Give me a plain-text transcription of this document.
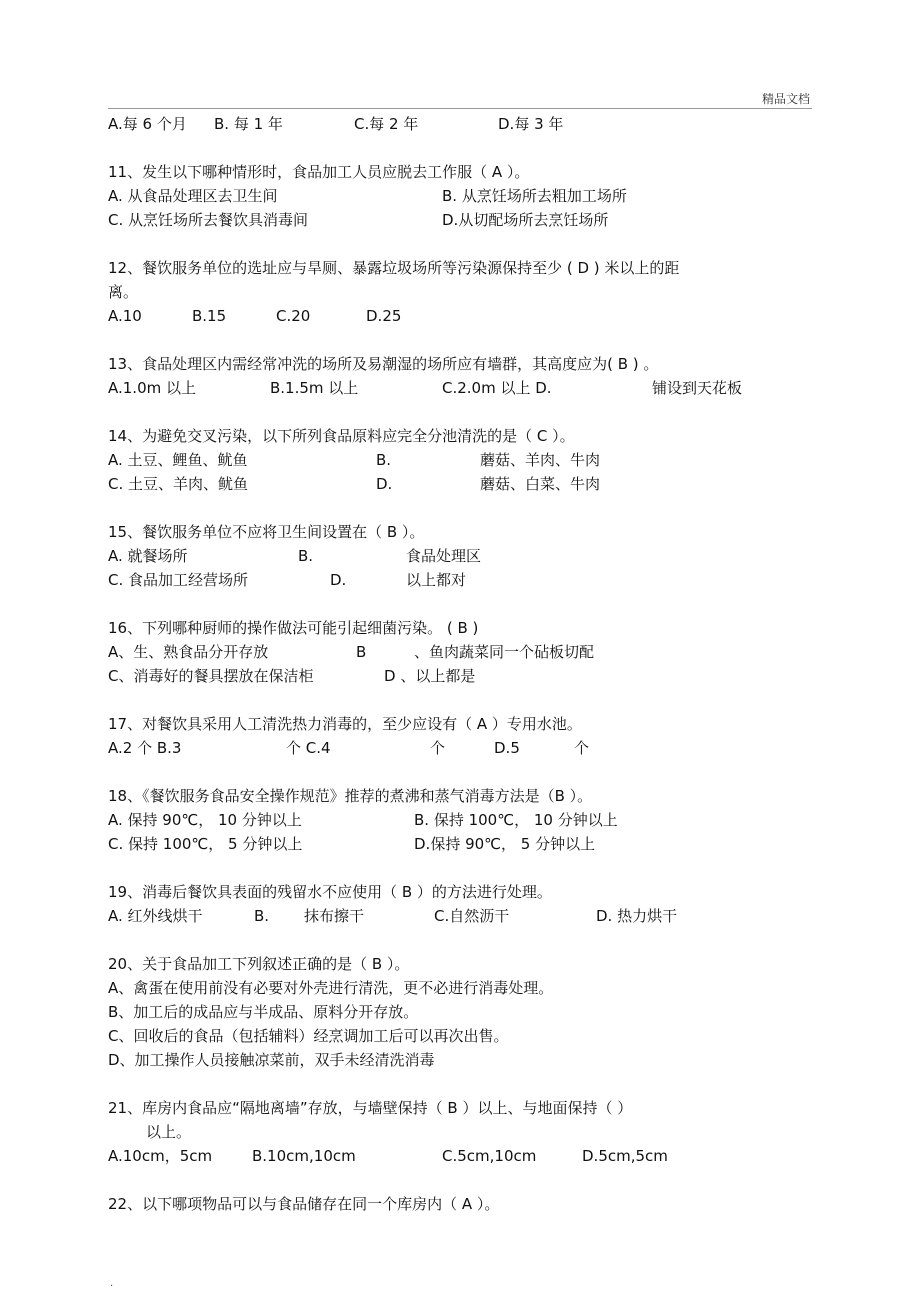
精品文档
A.每 6 个月 B. 每 1 年	C.每 2 年	D.每 3 年
11、发生以下哪种情形时，食品加工人员应脱去工作服（ A ）。
A. 从食品处理区去卫生间	B. 从烹饪场所去粗加工场所
C. 从烹饪场所去餐饮具消毒间	D.从切配场所去烹饪场所
12、餐饮服务单位的选址应与旱厕、暴露垃圾场所等污染源保持至少 ( D ) 米以上的距
离。
A.10	B.15	C.20	D.25
13、食品处理区内需经常冲洗的场所及易潮湿的场所应有墙群，其高度应为( B ) 。
A.1.0m 以上	B.1.5m 以上	C.2.0m 以上 D.	铺设到天花板
14、为避免交叉污染，以下所列食品原料应完全分池清洗的是（ C ）。
A. 土豆、鲤鱼、鱿鱼	B.	蘑菇、羊肉、牛肉
C. 土豆、羊肉、鱿鱼	D.	蘑菇、白菜、牛肉
15、餐饮服务单位不应将卫生间设置在（ B ）。
A. 就餐场所	B.	食品处理区
C. 食品加工经营场所	D.	以上都对
16、下列哪种厨师的操作做法可能引起细菌污染。 ( B )
A、生、熟食品分开存放	B	、鱼肉蔬菜同一个砧板切配
C、消毒好的餐具摆放在保洁柜	D 、以上都是
17、对餐饮具采用人工清洗热力消毒的，至少应设有（ A ）专用水池。
A.2 个 B.3	个 C.4	个	D.5	个
18、《餐饮服务食品安全操作规范》推荐的煮沸和蒸气消毒方法是（B ）。
A. 保持 90℃， 10 分钟以上	B. 保持 100℃， 10 分钟以上
C. 保持 100℃， 5 分钟以上	D.保持 90℃， 5 分钟以上
19、消毒后餐饮具表面的残留水不应使用（ B ）的方法进行处理。
A. 红外线烘干	B. 抹布擦干	C.自然沥干	D. 热力烘干
20、关于食品加工下列叙述正确的是（ B ）。
A、禽蛋在使用前没有必要对外壳进行清洗，更不必进行消毒处理。
B、加工后的成品应与半成品、原料分开存放。
C、回收后的食品（包括辅料）经烹调加工后可以再次出售。
D、加工操作人员接触凉菜前，双手未经清洗消毒
21、库房内食品应“隔地离墙”存放，与墙壁保持（ B ）以上、与地面保持（ ）
以上。
A.10cm，5cm	B.10cm,10cm	C.5cm,10cm	D.5cm,5cm
22、以下哪项物品可以与食品储存在同一个库房内（ A ）。
.
